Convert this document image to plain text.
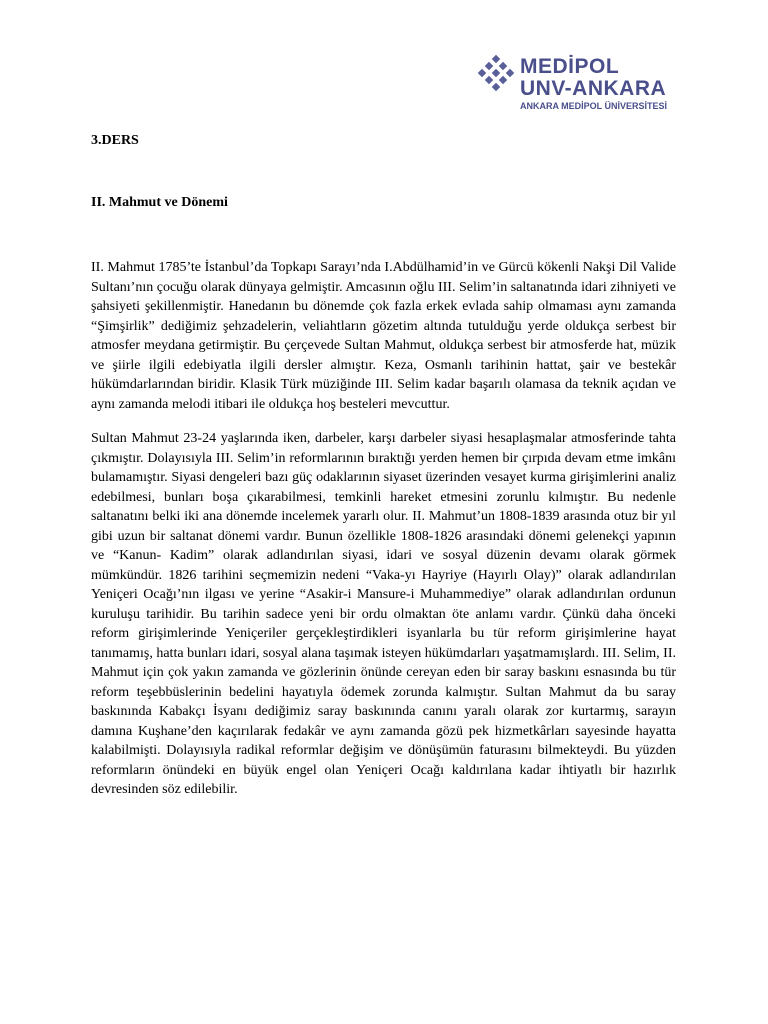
MEDİPOL
UNV-ANKARA
ANKARA MEDİPOL ÜNİVERSİTESİ
3.DERS
II. Mahmut ve Dönemi

II. Mahmut 1785’te İstanbul’da Topkapı Sarayı’nda I.Abdülhamid’in ve Gürcü kökenli Nakşi Dil Valide Sultanı’nın çocuğu olarak dünyaya gelmiştir. Amcasının oğlu III. Selim’in saltanatında idari zihniyeti ve şahsiyeti şekillenmiştir. Hanedanın bu dönemde çok fazla erkek evlada sahip olmaması aynı zamanda “Şimşirlik” dediğimiz şehzadelerin, veliahtların gözetim altında tutulduğu yerde oldukça serbest bir atmosfer meydana getirmiştir. Bu çerçevede Sultan Mahmut, oldukça serbest bir atmosferde hat, müzik ve şiirle ilgili edebiyatla ilgili dersler almıştır. Keza, Osmanlı tarihinin hattat, şair ve bestekâr hükümdarlarından biridir. Klasik Türk müziğinde III. Selim kadar başarılı olamasa da teknik açıdan ve aynı zamanda melodi itibari ile oldukça hoş besteleri mevcuttur.

Sultan Mahmut 23-24 yaşlarında iken, darbeler, karşı darbeler siyasi hesaplaşmalar atmosferinde tahta çıkmıştır. Dolayısıyla III. Selim’in reformlarının bıraktığı yerden hemen bir çırpıda devam etme imkânı bulamamıştır. Siyasi dengeleri bazı güç odaklarının siyaset üzerinden vesayet kurma girişimlerini analiz edebilmesi, bunları boşa çıkarabilmesi, temkinli hareket etmesini zorunlu kılmıştır. Bu nedenle saltanatını belki iki ana dönemde incelemek yararlı olur. II. Mahmut’un 1808-1839 arasında otuz bir yıl gibi uzun bir saltanat dönemi vardır. Bunun özellikle 1808-1826 arasındaki dönemi gelenekçi yapının ve “Kanun- Kadim” olarak adlandırılan siyasi, idari ve sosyal düzenin devamı olarak görmek mümkündür. 1826 tarihini seçmemizin nedeni “Vaka-yı Hayriye (Hayırlı Olay)” olarak adlandırılan Yeniçeri Ocağı’nın ilgası ve yerine “Asakir-i Mansure-i Muhammediye” olarak adlandırılan ordunun kuruluşu tarihidir. Bu tarihin sadece yeni bir ordu olmaktan öte anlamı vardır. Çünkü daha önceki reform girişimlerinde Yeniçeriler gerçekleştirdikleri isyanlarla bu tür reform girişimlerine hayat tanımamış, hatta bunları idari, sosyal alana taşımak isteyen hükümdarları yaşatmamışlardı. III. Selim, II. Mahmut için çok yakın zamanda ve gözlerinin önünde cereyan eden bir saray baskını esnasında bu tür reform teşebbüslerinin bedelini hayatıyla ödemek zorunda kalmıştır. Sultan Mahmut da bu saray baskınında Kabakçı İsyanı dediğimiz saray baskınında canını yaralı olarak zor kurtarmış, sarayın damına Kuşhane’den kaçırılarak fedakâr ve aynı zamanda gözü pek hizmetkârları sayesinde hayatta kalabilmişti. Dolayısıyla radikal reformlar değişim ve dönüşümün faturasını bilmekteydi. Bu yüzden reformların önündeki en büyük engel olan Yeniçeri Ocağı kaldırılana kadar ihtiyatlı bir hazırlık devresinden söz edilebilir.
